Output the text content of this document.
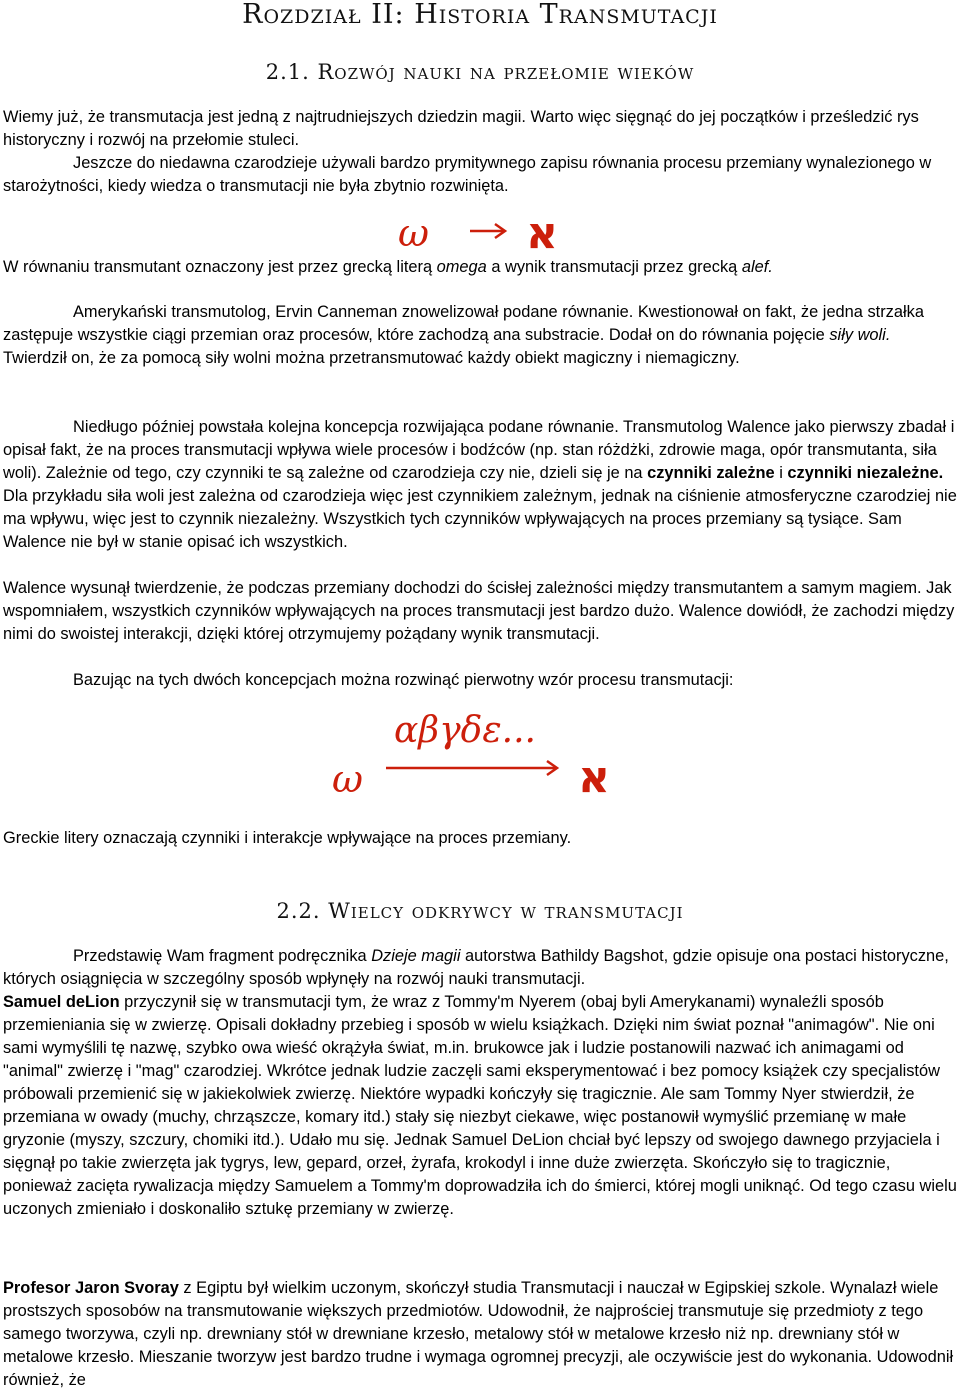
Rozdział II: Historia Transmutacji
2.1. Rozwój nauki na przełomie wieków

Wiemy już, że transmutacja jest jedną z najtrudniejszych dziedzin magii. Warto więc sięgnąć do jej początków i prześledzić rys historyczny i rozwój na przełomie stuleci.

Jeszcze do niedawna czarodzieje używali bardzo prymitywnego zapisu równania procesu przemiany wynalezionego w starożytności, kiedy wiedza o transmutacji nie była zbytnio rozwinięta.

ω א

W równaniu transmutant oznaczony jest przez grecką literą omega a wynik transmutacji przez grecką alef.

Amerykański transmutolog, Ervin Canneman znowelizował podane równanie. Kwestionował on fakt, że jedna strzałka zastępuje wszystkie ciągi przemian oraz procesów, które zachodzą ana substracie. Dodał on do równania pojęcie siły woli. Twierdził on, że za pomocą siły wolni można przetransmutować każdy obiekt magiczny i niemagiczny.

Niedługo później powstała kolejna koncepcja rozwijająca podane równanie. Transmutolog Walence jako pierwszy zbadał i opisał fakt, że na proces transmutacji wpływa wiele procesów i bodźców (np. stan różdżki, zdrowie maga, opór transmutanta, siła woli). Zależnie od tego, czy czynniki te są zależne od czarodzieja czy nie, dzieli się je na czynniki zależne i czynniki niezależne. Dla przykładu siła woli jest zależna od czarodzieja więc jest czynnikiem zależnym, jednak na ciśnienie atmosferyczne czarodziej nie ma wpływu, więc jest to czynnik niezależny. Wszystkich tych czynników wpływających na proces przemiany są tysiące. Sam Walence nie był w stanie opisać ich wszystkich.

Walence wysunął twierdzenie, że podczas przemiany dochodzi do ścisłej zależności między transmutantem a samym magiem. Jak wspomniałem, wszystkich czynników wpływających na proces transmutacji jest bardzo dużo. Walence dowiódł, że zachodzi między nimi do swoistej interakcji, dzięki której otrzymujemy pożądany wynik transmutacji.

Bazując na tych dwóch koncepcjach można rozwinąć pierwotny wzór procesu transmutacji:

αβγδε...
ω	א

Greckie litery oznaczają czynniki i interakcje wpływające na proces przemiany.

2.2. Wielcy odkrywcy w transmutacji

Przedstawię Wam fragment podręcznika Dzieje magii autorstwa Bathildy Bagshot, gdzie opisuje ona postaci historyczne, których osiągnięcia w szczególny sposób wpłynęły na rozwój nauki transmutacji.

Samuel deLion przyczynił się w transmutacji tym, że wraz z Tommy'm Nyerem (obaj byli Amerykanami) wynaleźli sposób przemieniania się w zwierzę. Opisali dokładny przebieg i sposób w wielu książkach. Dzięki nim świat poznał "animagów". Nie oni sami wymyślili tę nazwę, szybko owa wieść okrążyła świat, m.in. brukowce jak i ludzie postanowili nazwać ich animagami od "animal" zwierzę i "mag" czarodziej. Wkrótce jednak ludzie zaczęli sami eksperymentować i bez pomocy książek czy specjalistów próbowali przemienić się w jakiekolwiek zwierzę. Niektóre wypadki kończyły się tragicznie. Ale sam Tommy Nyer stwierdził, że przemiana w owady (muchy, chrząszcze, komary itd.) stały się niezbyt ciekawe, więc postanowił wymyślić przemianę w małe gryzonie (myszy, szczury, chomiki itd.). Udało mu się. Jednak Samuel DeLion chciał być lepszy od swojego dawnego przyjaciela i sięgnął po takie zwierzęta jak tygrys, lew, gepard, orzeł, żyrafa, krokodyl i inne duże zwierzęta. Skończyło się to tragicznie, ponieważ zacięta rywalizacja między Samuelem a Tommy'm doprowadziła ich do śmierci, której mogli uniknąć. Od tego czasu wielu uczonych zmieniało i doskonaliło sztukę przemiany w zwierzę.

Profesor Jaron Svoray z Egiptu był wielkim uczonym, skończył studia Transmutacji i nauczał w Egipskiej szkole. Wynalazł wiele prostszych sposobów na transmutowanie większych przedmiotów. Udowodnił, że najprościej transmutuje się przedmioty z tego samego tworzywa, czyli np. drewniany stół w drewniane krzesło, metalowy stół w metalowe krzesło niż np. drewniany stół w metalowe krzesło. Mieszanie tworzyw jest bardzo trudne i wymaga ogromnej precyzji, ale oczywiście jest do wykonania. Udowodnił również, że
